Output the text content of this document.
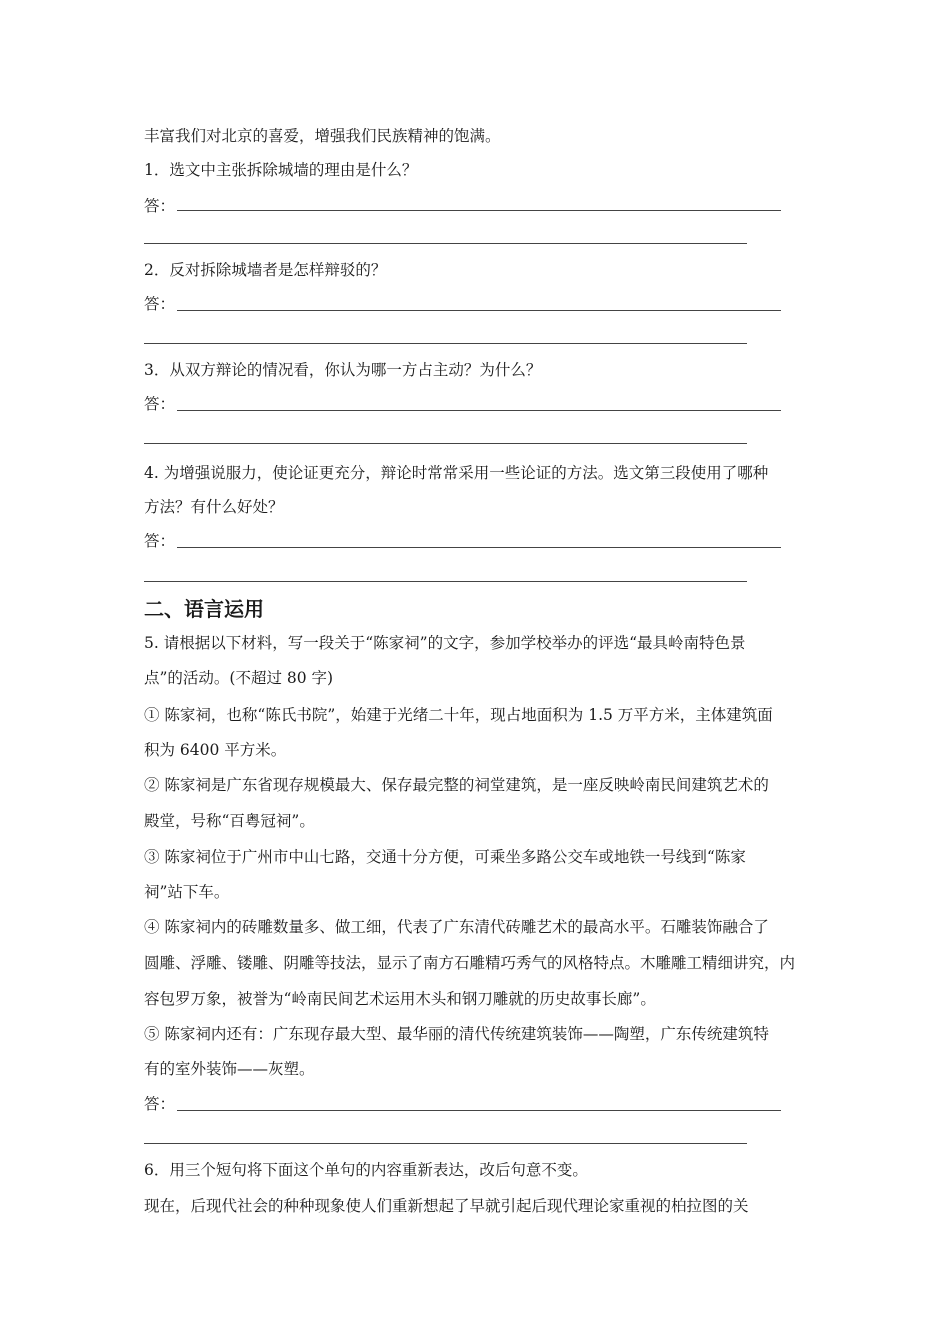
丰富我们对北京的喜爱，增强我们民族精神的饱满。
1．选文中主张拆除城墙的理由是什么？
答：
2．反对拆除城墙者是怎样辩驳的？
答：
3．从双方辩论的情况看，你认为哪一方占主动？为什么？
答：
4. 为增强说服力，使论证更充分，辩论时常常采用一些论证的方法。选文第三段使用了哪种
方法？有什么好处？
答：
二、语言运用
5. 请根据以下材料，写一段关于“陈家祠”的文字，参加学校举办的评选“最具岭南特色景
点”的活动。(不超过 80 字)
① 陈家祠，也称“陈氏书院”，始建于光绪二十年，现占地面积为 1.5 万平方米，主体建筑面
积为 6400 平方米。
② 陈家祠是广东省现存规模最大、保存最完整的祠堂建筑，是一座反映岭南民间建筑艺术的
殿堂，号称“百粤冠祠”。
③ 陈家祠位于广州市中山七路，交通十分方便，可乘坐多路公交车或地铁一号线到“陈家
祠”站下车。
④ 陈家祠内的砖雕数量多、做工细，代表了广东清代砖雕艺术的最高水平。石雕装饰融合了
圆雕、浮雕、镂雕、阴雕等技法，显示了南方石雕精巧秀气的风格特点。木雕雕工精细讲究，内
容包罗万象，被誉为“岭南民间艺术运用木头和钢刀雕就的历史故事长廊”。
⑤ 陈家祠内还有：广东现存最大型、最华丽的清代传统建筑装饰——陶塑，广东传统建筑特
有的室外装饰——灰塑。
答：
6．用三个短句将下面这个单句的内容重新表达，改后句意不变。
现在，后现代社会的种种现象使人们重新想起了早就引起后现代理论家重视的柏拉图的关
